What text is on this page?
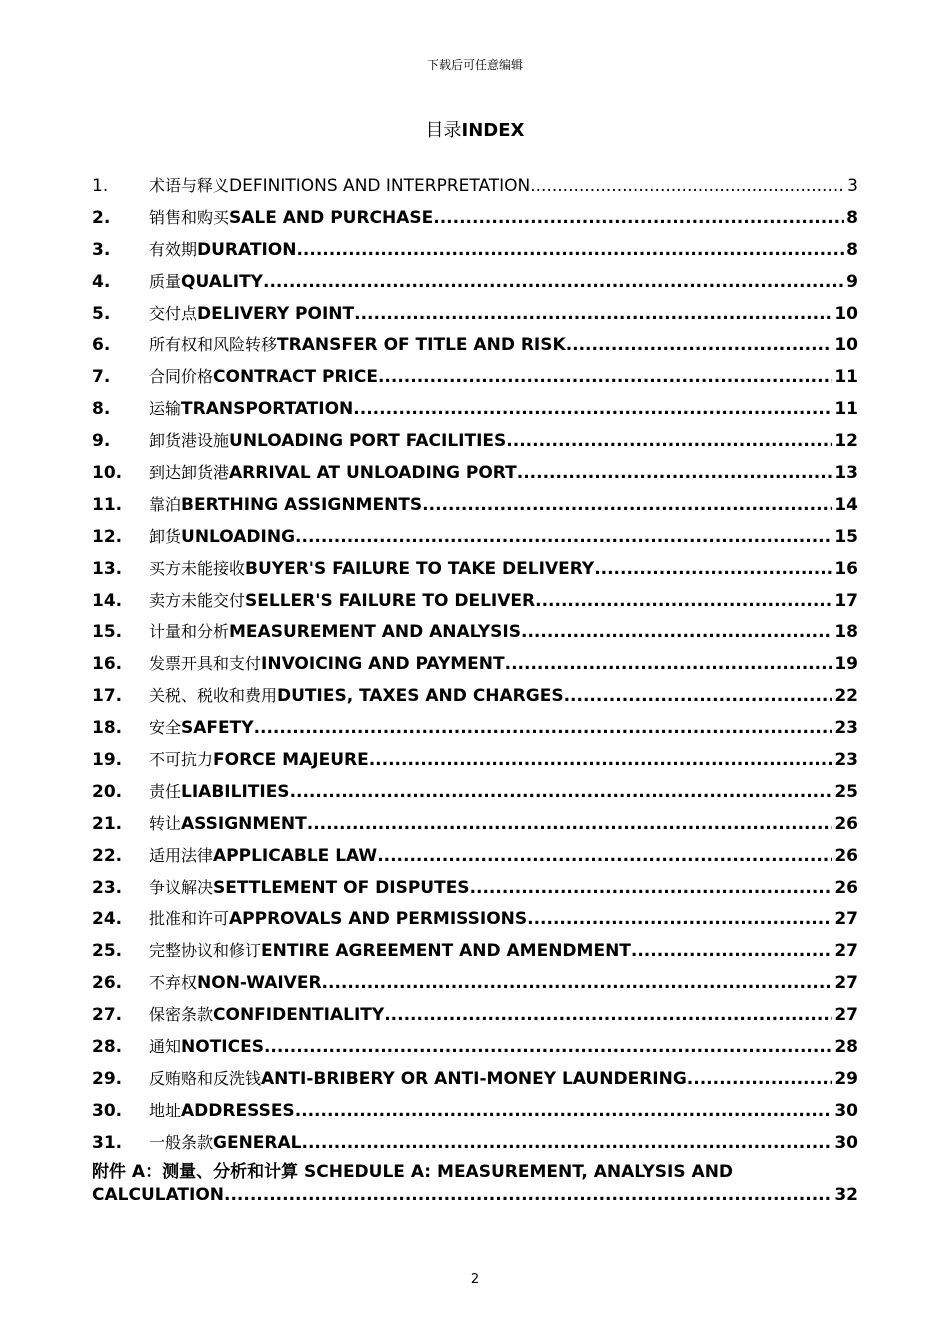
下载后可任意编辑
目录INDEX
1.	术语与释义 DEFINITIONS AND INTERPRETATION .....	3
2.	销售和购买 SALE AND PURCHASE .....	8
3.	有效期 DURATION .....	8
4.	质量 QUALITY .....	9
5.	交付点 DELIVERY POINT .....	10
6.	所有权和风险转移 TRANSFER OF TITLE AND RISK .....	10
7.	合同价格 CONTRACT PRICE .....	11
8.	运输 TRANSPORTATION .....	11
9.	卸货港设施 UNLOADING PORT FACILITIES .....	12
10.	到达卸货港 ARRIVAL AT UNLOADING PORT .....	13
11.	靠泊 BERTHING ASSIGNMENTS .....	14
12.	卸货 UNLOADING .....	15
13.	买方未能接收 BUYER'S FAILURE TO TAKE DELIVERY .....	16
14.	卖方未能交付 SELLER'S FAILURE TO DELIVER .....	17
15.	计量和分析 MEASUREMENT AND ANALYSIS .....	18
16.	发票开具和支付 INVOICING AND PAYMENT .....	19
17.	关税、税收和费用 DUTIES, TAXES AND CHARGES .....	22
18.	安全 SAFETY .....	23
19.	不可抗力 FORCE MAJEURE .....	23
20.	责任 LIABILITIES .....	25
21.	转让 ASSIGNMENT .....	26
22.	适用法律 APPLICABLE LAW .....	26
23.	争议解决 SETTLEMENT OF DISPUTES .....	26
24.	批准和许可 APPROVALS AND PERMISSIONS .....	27
25.	完整协议和修订 ENTIRE AGREEMENT AND AMENDMENT .....	27
26.	不弃权 NON-WAIVER .....	27
27.	保密条款 CONFIDENTIALITY .....	27
28.	通知 NOTICES .....	28
29.	反贿赂和反洗钱 ANTI-BRIBERY OR ANTI-MONEY LAUNDERING .....	29
30.	地址 ADDRESSES .....	30
31.	一般条款 GENERAL .....	30
附件 A：测量、分析和计算 SCHEDULE A: MEASUREMENT, ANALYSIS AND
CALCULATION .....	32
2
